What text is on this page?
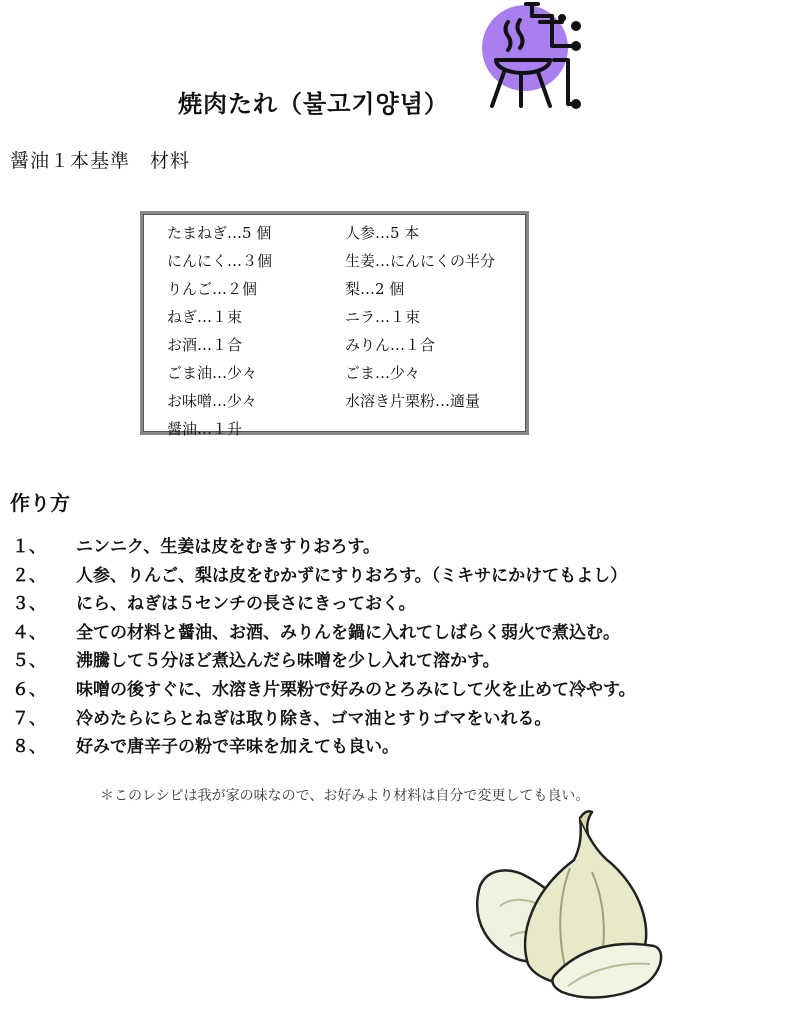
焼肉たれ（불고기양념）
醤油１本基準　材料
たまねぎ…5 個	人参…5 本
にんにく…３個	生姜…にんにくの半分
りんご…２個	梨…2 個
ねぎ…１束	ニラ…１束
お酒…１合	みりん…１合
ごま油…少々	ごま…少々
お味噌…少々	水溶き片栗粉…適量
醤油…１升
作り方
１、	ニンニク、生姜は皮をむきすりおろす。
２、	人参、りんご、梨は皮をむかずにすりおろす。（ミキサにかけてもよし）
３、	にら、ねぎは５センチの長さにきっておく。
４、	全ての材料と醤油、お酒、みりんを鍋に入れてしばらく弱火で煮込む。
５、	沸騰して５分ほど煮込んだら味噌を少し入れて溶かす。
６、	味噌の後すぐに、水溶き片栗粉で好みのとろみにして火を止めて冷やす。
７、	冷めたらにらとねぎは取り除き、ゴマ油とすりゴマをいれる。
８、	好みで唐辛子の粉で辛味を加えても良い。
＊このレシピは我が家の味なので、お好みより材料は自分で変更しても良い。
